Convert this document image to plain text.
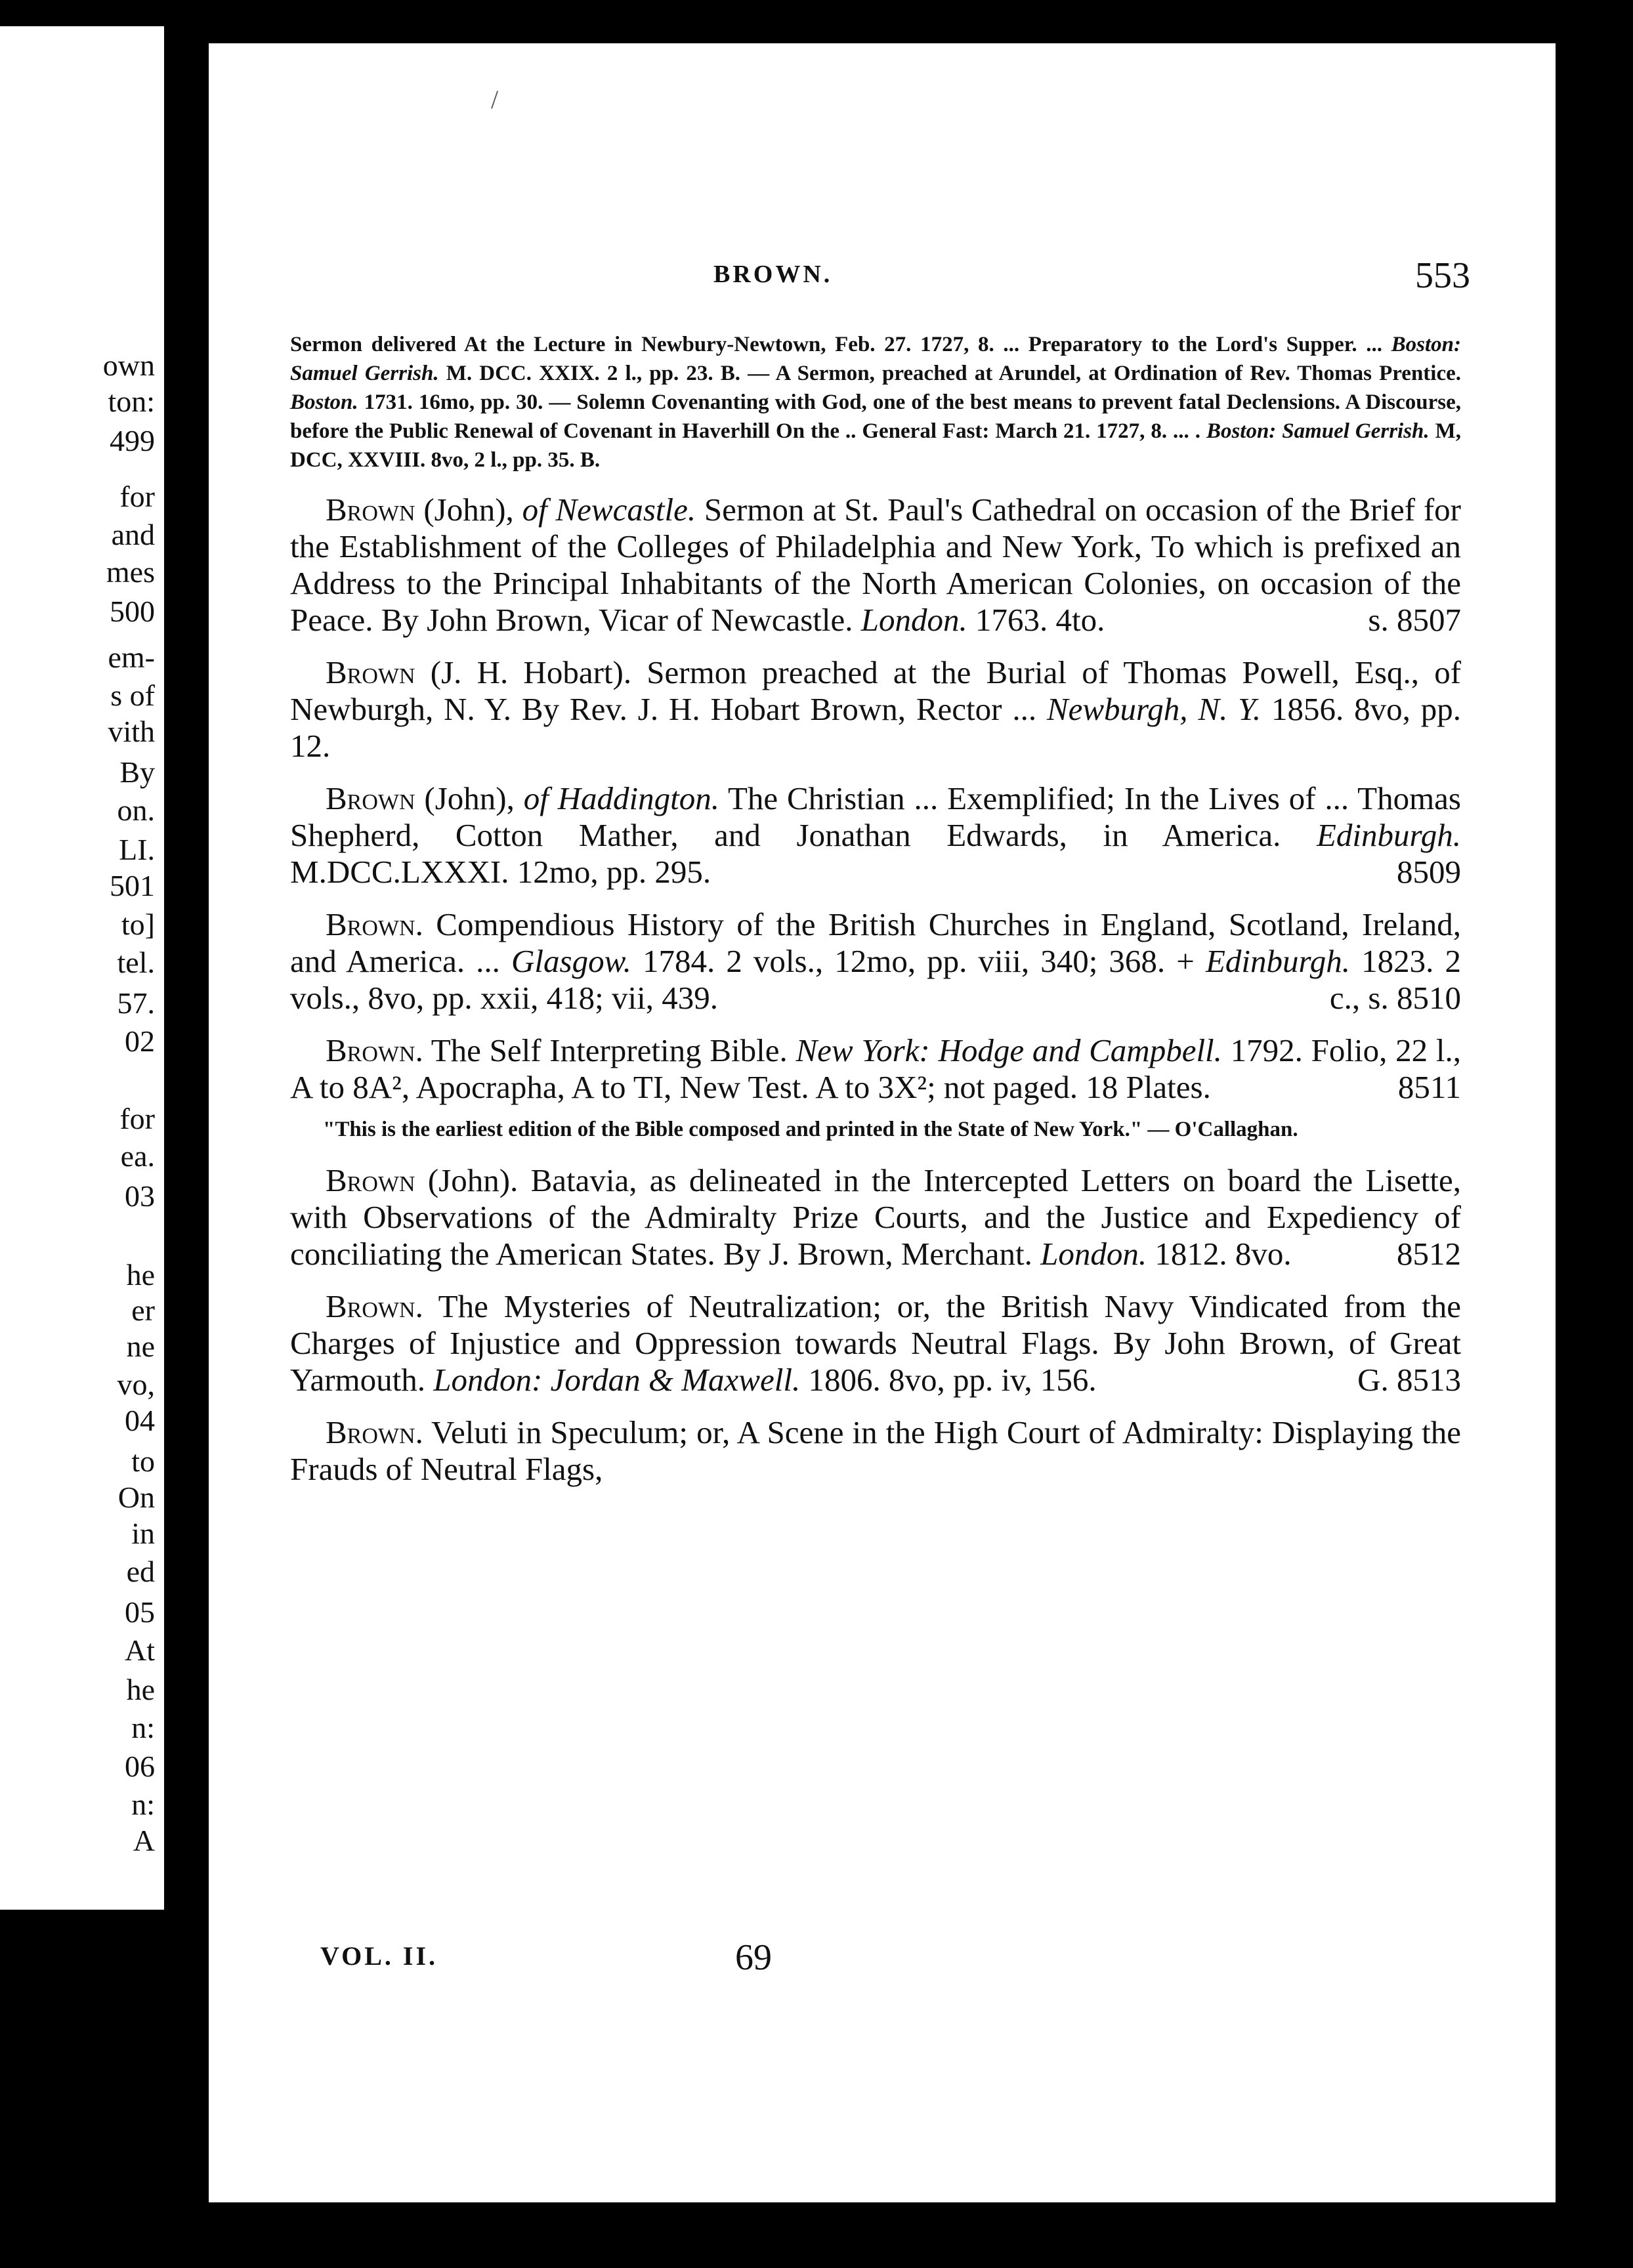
own
ton:
499
for
and
mes
500
em-
s of
vith
By
on.
LI.
501
to]
tel.
57.
02
for
ea.
03
he
er
ne
vo,
04
to
On
in
ed
05
At
he
n:
06
n:
A
BROWN.	553
/

Sermon delivered At the Lecture in Newbury-Newtown, Feb. 27. 1727, 8. ... Preparatory to the Lord's Supper. ... Boston: Samuel Gerrish. M. DCC. XXIX. 2 l., pp. 23. B. — A Sermon, preached at Arundel, at Ordination of Rev. Thomas Prentice. Boston. 1731. 16mo, pp. 30. — Solemn Covenanting with God, one of the best means to prevent fatal Declensions. A Discourse, before the Public Renewal of Covenant in Haverhill On the .. General Fast: March 21. 1727, 8. ... . Boston: Samuel Gerrish. M, DCC, XXVIII. 8vo, 2 l., pp. 35. B.

Brown (John), of Newcastle. Sermon at St. Paul's Cathedral on occasion of the Brief for the Establishment of the Colleges of Philadelphia and New York, To which is prefixed an Address to the Principal Inhabitants of the North American Colonies, on occasion of the Peace. By John Brown, Vicar of Newcastle. London. 1763. 4to.	s. 8507

Brown (J. H. Hobart). Sermon preached at the Burial of Thomas Powell, Esq., of Newburgh, N. Y. By Rev. J. H. Hobart Brown, Rector ... Newburgh, N. Y. 1856. 8vo, pp. 12.

Brown (John), of Haddington. The Christian ... Exemplified; In the Lives of ... Thomas Shepherd, Cotton Mather, and Jonathan Edwards, in America. Edinburgh. M.DCC.LXXXI. 12mo, pp. 295.	8509

Brown. Compendious History of the British Churches in England, Scotland, Ireland, and America. ... Glasgow. 1784. 2 vols., 12mo, pp. viii, 340; 368. + Edinburgh. 1823. 2 vols., 8vo, pp. xxii, 418; vii, 439.	c., s. 8510

Brown. The Self Interpreting Bible. New York: Hodge and Campbell. 1792. Folio, 22 l., A to 8A², Apocrapha, A to TI, New Test. A to 3X²; not paged. 18 Plates.	8511

"This is the earliest edition of the Bible composed and printed in the State of New York." — O'Callaghan.

Brown (John). Batavia, as delineated in the Intercepted Letters on board the Lisette, with Observations of the Admiralty Prize Courts, and the Justice and Expediency of conciliating the American States. By J. Brown, Merchant. London. 1812. 8vo.	8512

Brown. The Mysteries of Neutralization; or, the British Navy Vindicated from the Charges of Injustice and Oppression towards Neutral Flags. By John Brown, of Great Yarmouth. London: Jordan & Maxwell. 1806. 8vo, pp. iv, 156.	G. 8513

Brown. Veluti in Speculum; or, A Scene in the High Court of Admiralty: Displaying the Frauds of Neutral Flags,

VOL. II.	69
